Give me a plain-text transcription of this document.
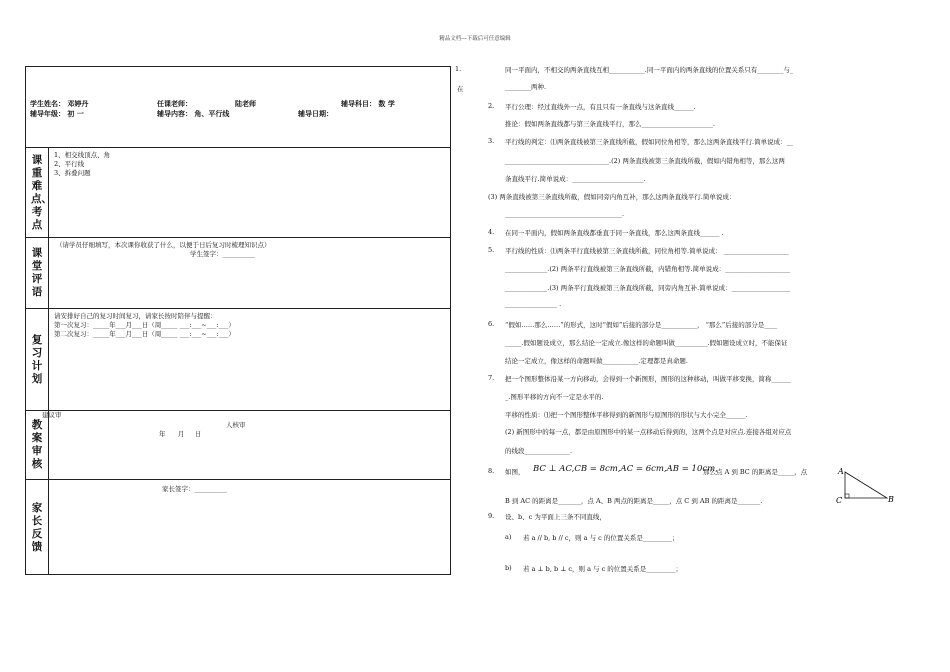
精品文档---下载后可任意编辑
学生姓名： 邓婷丹	任课老师：	陆老师	辅导科目： 数 学
辅导年级： 初 一	辅导内容： 角、平行线	辅导日期：
课重难点、考点
1、相交线顶点、角
2、平行线
3、拆叠问题
课堂评语
（请学员仔细填写，本次课你收获了什么，以便于日后复习时梳理知识点）
学生签字：__________
复习计划
请安排好自己的复习时间复习，请家长按时陪伴与提醒：
第一次复习：_____年___月___日（周_____ ___:___~___:___）
第二次复习：_____年___月___日（周_____ ___:___~___:___）
建议审
教案审核
人核审
年      月     日
家长反馈
家长签字：__________
1.
在
同一平面内，不相交的两条直线互相___________.同一平面内的两条直线的位置关系只有________与_
________两种.
2. 平行公理：经过直线外一点，有且只有一条直线与这条直线______.
推论：假如两条直线都与第三条直线平行，那么______________________.
3. 平行线的判定：⑴两条直线被第三条直线所截，假如同位角相等，那么这两条直线平行.简单说成：__
________________________________.(2) 两条直线被第三条直线所截，假如内错角相等，那么这两
条直线平行.简单说成：______________________.
(3) 两条直线被第三条直线所截，假如同旁内角互补，那么这两条直线平行.简单说成：
____________________________________.
4. 在同一平面内，假如两条直线都垂直于同一条直线，那么这两条直线______ .
5. 平行线的性质：⑴两条平行直线被第三条直线所截，同位角相等.简单说成： ____________________
_____________.(2) 两条平行直线被第三条直线所截，内错角相等.简单说成：____________________
_____________.(3) 两条平行直线被第三条直线所截，同旁内角互补.简单说成：__________________
________________ .
6. “假如……那么……”的形式，这时“假如”后接的部分是___________， “那么”后接的部分是____
_____.假如题设成立，那么结论一定成立.像这样的命题叫做__________.假如题设成立时，不能保证
结论一定成立，像这样的命题叫做___________.定理都是真命题.
7. 把一个图形整体沿某一方向移动，会得到一个新图形，图形的这种移动，叫做平移变换，简称______
_.图形平移的方向不一定是水平的.
平移的性质：⑴把一个图形整体平移得到的新图形与原图形的形状与大小完全______.
(2) 新图形中的每一点，都是由原图形中的某一点移动后得到的，这两个点是对应点.连接各组对应点
的线段______________.
8. 如图， BC ⊥ AC,CB = 8cm,AC = 6cm,AB = 10cm,
那么点 A 到 BC 的距离是_____，点
B 到 AC 的距离是_______，点 A、B 两点的距离是_____，点 C 到 AB 的距离是_______.
A
C	B
9. 设、b、c 为平面上三条不同直线，
a) 若 a // b, b // c，则 a 与 c 的位置关系是_________；
b) 若 a ⊥ b, b ⊥ c，则 a 与 c 的位置关系是_________；
